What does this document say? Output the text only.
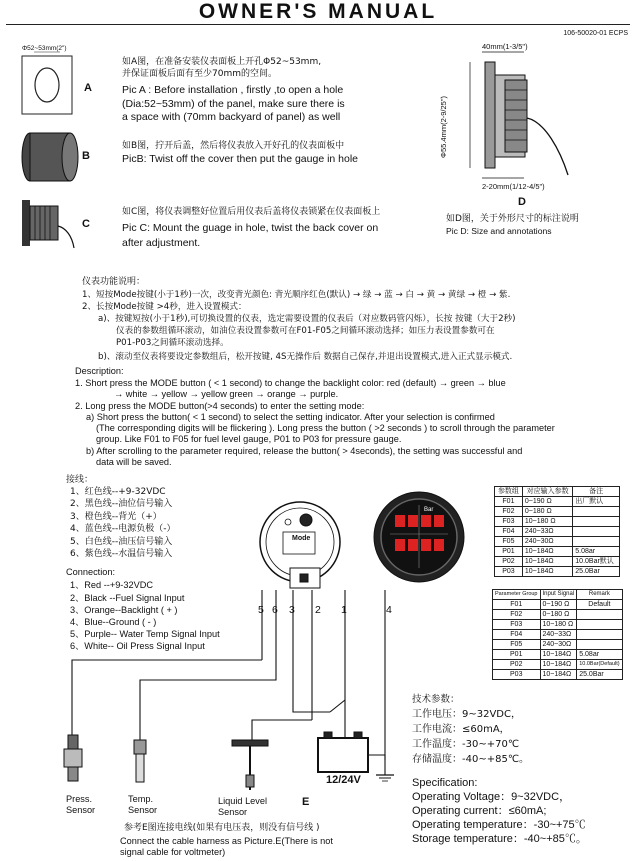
OWNER'S MANUAL
106-50020-01 ECPS
Φ52~53mm(2")
A
如A图，在准备安装仪表面板上开孔Φ52~53mm,
并保证面板后面有至少70mm的空间。
Pic A : Before installation , firstly ,to open a hole
(Dia:52~53mm) of the panel, make sure there is
a space with (70mm backyard of panel) as well
B
如B图，拧开后盖，然后将仪表放入开好孔的仪表面板中
PicB: Twist off the cover then put the gauge in hole
C
如C图，将仪表调整好位置后用仪表后盖将仪表锁紧在仪表面板上
Pic C: Mount the guage in hole, twist the back cover on
after adjustment.
40mm(1-3/5")
Φ55.4mm(2-9/25")
2-20mm(1/12-4/5")
D
如D图，关于外形尺寸的标注说明
Pic D: Size and annotations
仪表功能说明：
1、短按Mode按键(小于1秒)一次，改变背光颜色: 背光顺序红色(默认) → 绿 → 蓝 → 白 → 黄 → 黄绿 → 橙 → 紫.
2、长按Mode按键 >4秒，进入设置模式：
a)、按键短按(小于1秒),可切换设置的仪表，选定需要设置的仪表后（对应数码管闪烁），长按 按键（大于2秒)
仪表的参数组循环滚动，如油位表设置参数可在F01-F05之间循环滚动选择；如压力表设置参数可在
P01-P03之间循环滚动选择。
b)、滚动至仪表将要设定参数组后，松开按键, 4S无操作后 数据自己保存,并退出设置模式,进入正式显示模式.
Description:
1. Short press the MODE button ( < 1 second) to change the backlight color: red (default) → green → blue
→ white → yellow → yellow green → orange → purple.
2. Long press the MODE button(>4 seconds) to enter the setting mode:
a) Short press the button( < 1 second) to select the setting indicator. After your selection is confirmed
(The corresponding digits will be flickering ). Long press the button ( >2 seconds ) to scroll through the parameter
group. Like F01 to F05 for fuel level gauge, P01 to P03 for pressure gauge.
b) After scrolling to the parameter required, release the button( > 4seconds), the setting was successful and
data will be saved.
接线：
1、红色线--+9-32VDC
2、黑色线--油位信号输入
3、橙色线--背光（+）
4、蓝色线--电源负极（-）
5、白色线--油压信号输入
6、紫色线--水温信号输入
Connection:
1、Red --+9-32VDC
2、Black --Fuel Signal Input
3、Orange--Backlight ( + )
4、Blue--Ground ( - )
5、Purple-- Water Temp Signal Input
6、White-- Oil Press Signal Input
Mode
Bar
5 6 3 2 1	4
12/24V
Press.
Sensor
Temp.
Sensor
Liquid Level
Sensor
E
参考E图连接电线(如果有电压表，则没有信号线 )
Connect the cable harness as Picture.E(There is not
signal cable for voltmeter)
参数组	对应输入参数	备注
F01	0~190 Ω	出厂默认
F02	0~180 Ω	
F03	10~180 Ω	
F04	240~33Ω	
F05	240~30Ω	
P01	10~184Ω	5.08ar
P02	10~184Ω	10.0Bar默认
P03	10~184Ω	25.0Bar
Parameter Group	Input Signal	Remark
F01	0~190 Ω	Default
F02	0~180 Ω	
F03	10~180 Ω	
F04	240~33Ω	
F05	240~30Ω	
P01	10~184Ω	5.08ar
P02	10~184Ω	10.0Bar(Default)
P03	10~184Ω	25.0Bar
技术参数：
工作电压：9~32VDC，
工作电流：≤60mA，
工作温度：-30~+70℃
存储温度：-40~+85℃。
Specification:
Operating Voltage：9~32VDC，
Operating current：≤60mA;
Operating temperature：-30~+75℃
Storage temperature：-40~+85℃。
